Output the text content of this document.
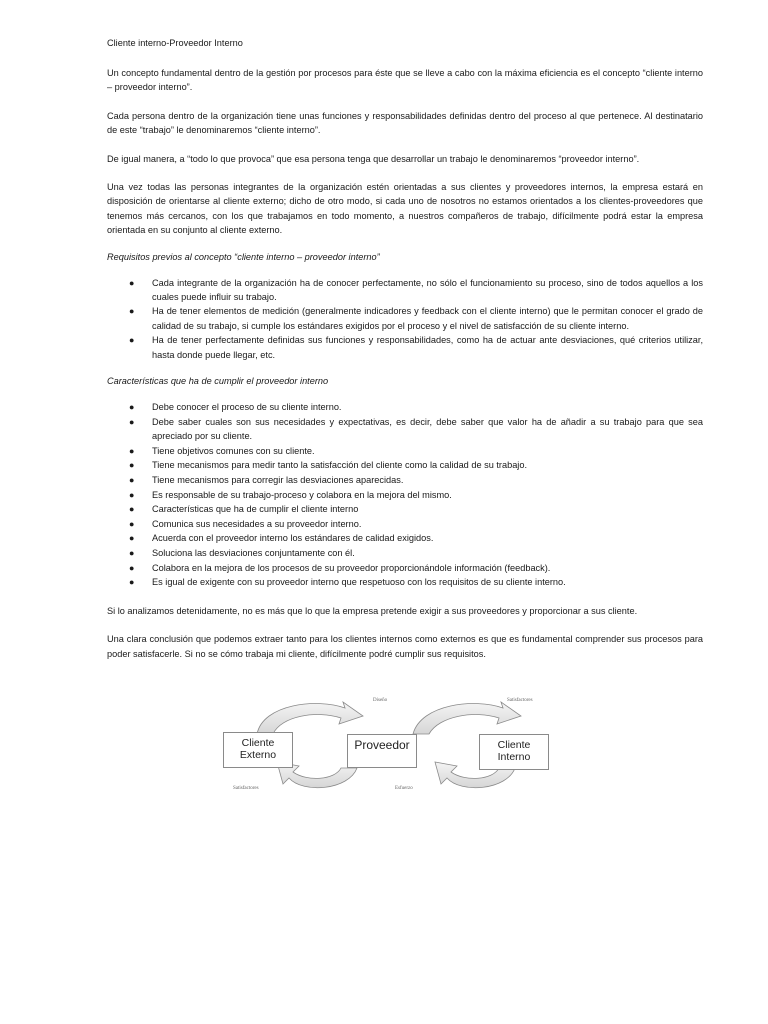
Cliente interno-Proveedor Interno

Un concepto fundamental dentro de la gestión por procesos para éste que se lleve a cabo con la máxima eficiencia es el concepto “cliente interno – proveedor interno”.

Cada persona dentro de la organización tiene unas funciones y responsabilidades definidas dentro del proceso al que pertenece. Al destinatario de este “trabajo” le denominaremos “cliente interno”.

De igual manera, a “todo lo que provoca” que esa persona tenga que desarrollar un trabajo le denominaremos “proveedor interno”.

Una vez todas las personas integrantes de la organización estén orientadas a sus clientes y proveedores internos, la empresa estará en disposición de orientarse al cliente externo; dicho de otro modo, si cada uno de nosotros no estamos orientados a los clientes-proveedores que tenemos más cercanos, con los que trabajamos en todo momento, a nuestros compañeros de trabajo, difícilmente podrá estar la empresa orientada en su conjunto al cliente externo.

Requisitos previos al concepto “cliente interno – proveedor interno”
● Cada integrante de la organización ha de conocer perfectamente, no sólo el funcionamiento su proceso, sino de todos aquellos a los cuales puede influir su trabajo.
● Ha de tener elementos de medición (generalmente indicadores y feedback con el cliente interno) que le permitan conocer el grado de calidad de su trabajo, si cumple los estándares exigidos por el proceso y el nivel de satisfacción de su cliente interno.
● Ha de tener perfectamente definidas sus funciones y responsabilidades, como ha de actuar ante desviaciones, qué criterios utilizar, hasta donde puede llegar, etc.
Características que ha de cumplir el proveedor interno
● Debe conocer el proceso de su cliente interno.
● Debe saber cuales son sus necesidades y expectativas, es decir, debe saber que valor ha de añadir a su trabajo para que sea apreciado por su cliente.
● Tiene objetivos comunes con su cliente.
● Tiene mecanismos para medir tanto la satisfacción del cliente como la calidad de su trabajo.
● Tiene mecanismos para corregir las desviaciones aparecidas.
● Es responsable de su trabajo-proceso y colabora en la mejora del mismo.
● Características que ha de cumplir el cliente interno
● Comunica sus necesidades a su proveedor interno.
● Acuerda con el proveedor interno los estándares de calidad exigidos.
● Soluciona las desviaciones conjuntamente con él.
● Colabora en la mejora de los procesos de su proveedor proporcionándole información (feedback).
● Es igual de exigente con su proveedor interno que respetuoso con los requisitos de su cliente interno.

Si lo analizamos detenidamente, no es más que lo que la empresa pretende exigir a sus proveedores y proporcionar a sus cliente.

Una clara conclusión que podemos extraer tanto para los clientes internos como externos es que es fundamental comprender sus procesos para poder satisfacerle. Si no se cómo trabaja mi cliente, difícilmente podré cumplir sus requisitos.

Cliente
Externo
Proveedor	Cliente
Interno
Diseño	Satisfactores
Satisfactores	Esfuerzo
